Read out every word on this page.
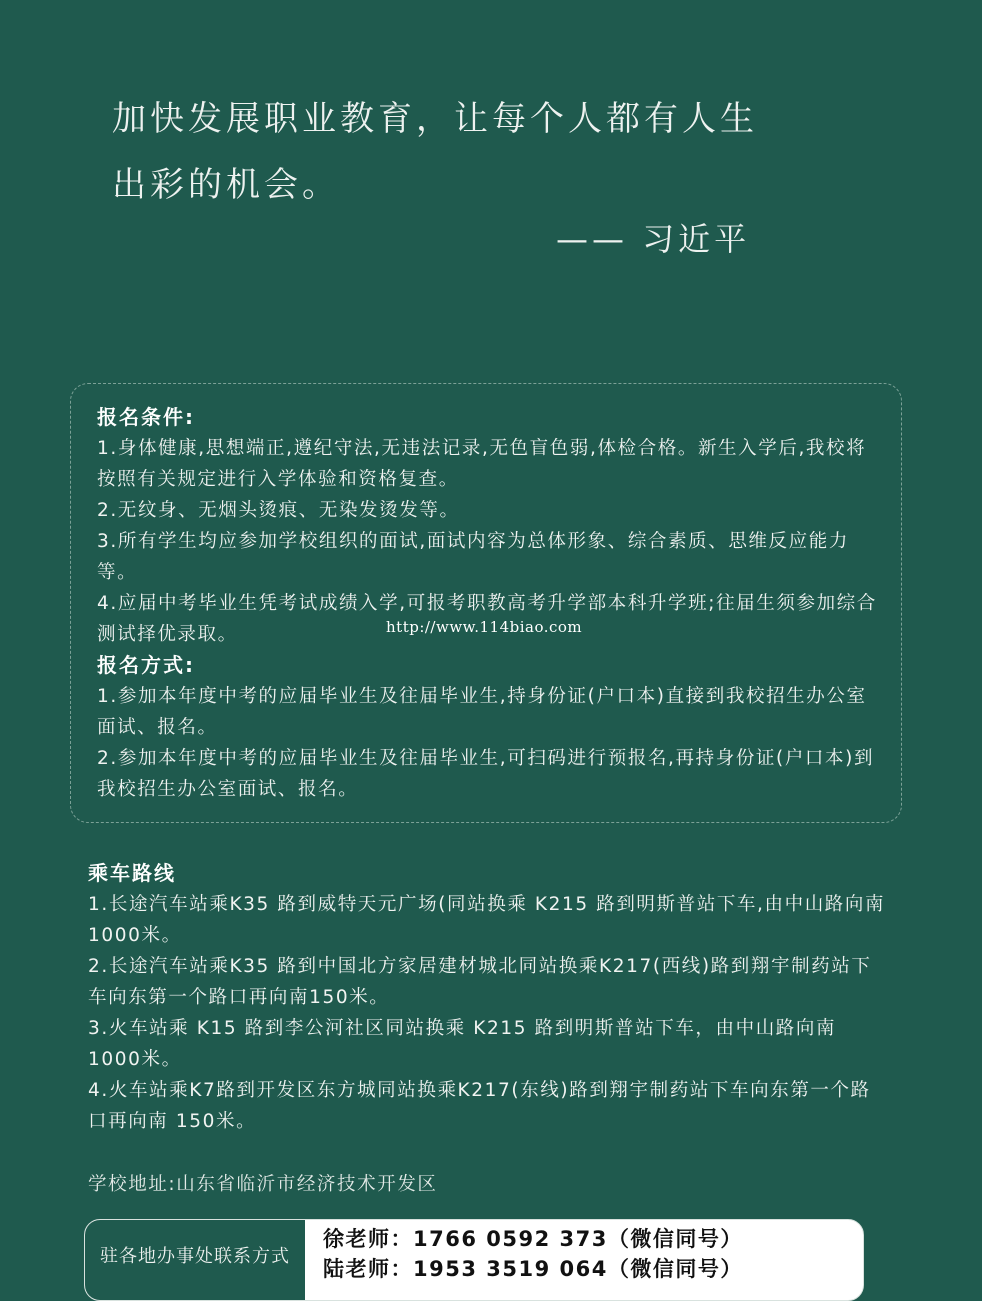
加快发展职业教育，让每个人都有人生
出彩的机会。
—— 习近平
报名条件:

1.身体健康,思想端正,遵纪守法,无违法记录,无色盲色弱,体检合格。新生入学后,我校将按照有关规定进行入学体验和资格复查。

2.无纹身、无烟头烫痕、无染发烫发等。

3.所有学生均应参加学校组织的面试,面试内容为总体形象、综合素质、思维反应能力等。

4.应届中考毕业生凭考试成绩入学,可报考职教高考升学部本科升学班;往届生须参加综合测试择优录取。

报名方式:

1.参加本年度中考的应届毕业生及往届毕业生,持身份证(户口本)直接到我校招生办公室面试、报名。

2.参加本年度中考的应届毕业生及往届毕业生,可扫码进行预报名,再持身份证(户口本)到我校招生办公室面试、报名。

http://www.114biao.com
乘车路线

1.长途汽车站乘K35 路到威特天元广场(同站换乘 K215 路到明斯普站下车,由中山路向南1000米。

2.长途汽车站乘K35 路到中国北方家居建材城北同站换乘K217(西线)路到翔宇制药站下车向东第一个路口再向南150米。

3.火车站乘 K15 路到李公河社区同站换乘 K215 路到明斯普站下车，由中山路向南1000米。

4.火车站乘K7路到开发区东方城同站换乘K217(东线)路到翔宇制药站下车向东第一个路口再向南 150米。

学校地址:山东省临沂市经济技术开发区
驻各地办事处联系方式
徐老师：1766 0592 373（微信同号）
陆老师：1953 3519 064（微信同号）
